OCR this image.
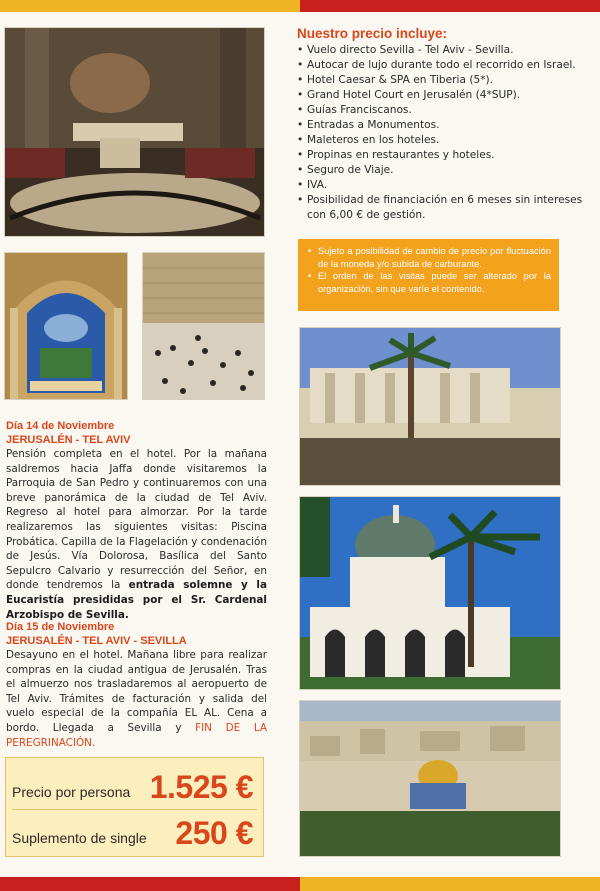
Nuestro precio incluye:
• Vuelo directo Sevilla - Tel Aviv - Sevilla.
• Autocar de lujo durante todo el recorrido en Israel.
• Hotel Caesar & SPA en Tiberia (5*).
• Grand Hotel Court en Jerusalén (4*SUP).
• Guías Franciscanos.
• Entradas a Monumentos.
• Maleteros en los hoteles.
• Propinas en restaurantes y hoteles.
• Seguro de Viaje.
• IVA.
• Posibilidad de financiación en 6 meses sin intereses con 6,00 € de gestión.
• Sujeto a posibilidad de cambio de precio por fluctuación de la moneda y/o subida de carburante.
• El orden de las visitas puede ser alterado por la organización, sin que varíe el contenido.
Día 14 de Noviembre
JERUSALÉN - TEL AVIV

Pensión completa en el hotel. Por la mañana saldremos hacia Jaffa donde visitaremos la Parroquia de San Pedro y continuaremos con una breve panorámica de la ciudad de Tel Aviv. Regreso al hotel para almorzar. Por la tarde realizaremos las siguientes visitas: Piscina Probática. Capilla de la Flagelación y condenación de Jesús. Vía Dolorosa, Basílica del Santo Sepulcro Calvario y resurrección del Señor, en donde tendremos la entrada solemne y la Eucaristía presididas por el Sr. Cardenal Arzobispo de Sevilla.

Día 15 de Noviembre
JERUSALÉN - TEL AVIV - SEVILLA

Desayuno en el hotel. Mañana libre para realizar compras en la ciudad antigua de Jerusalén. Tras el almuerzo nos trasladaremos al aeropuerto de Tel Aviv. Trámites de facturación y salida del vuelo especial de la compañía EL AL. Cena a bordo. Llegada a Sevilla y FIN DE LA PEREGRINACIÓN.

Precio por persona 1.525 €
Suplemento de single 250 €
